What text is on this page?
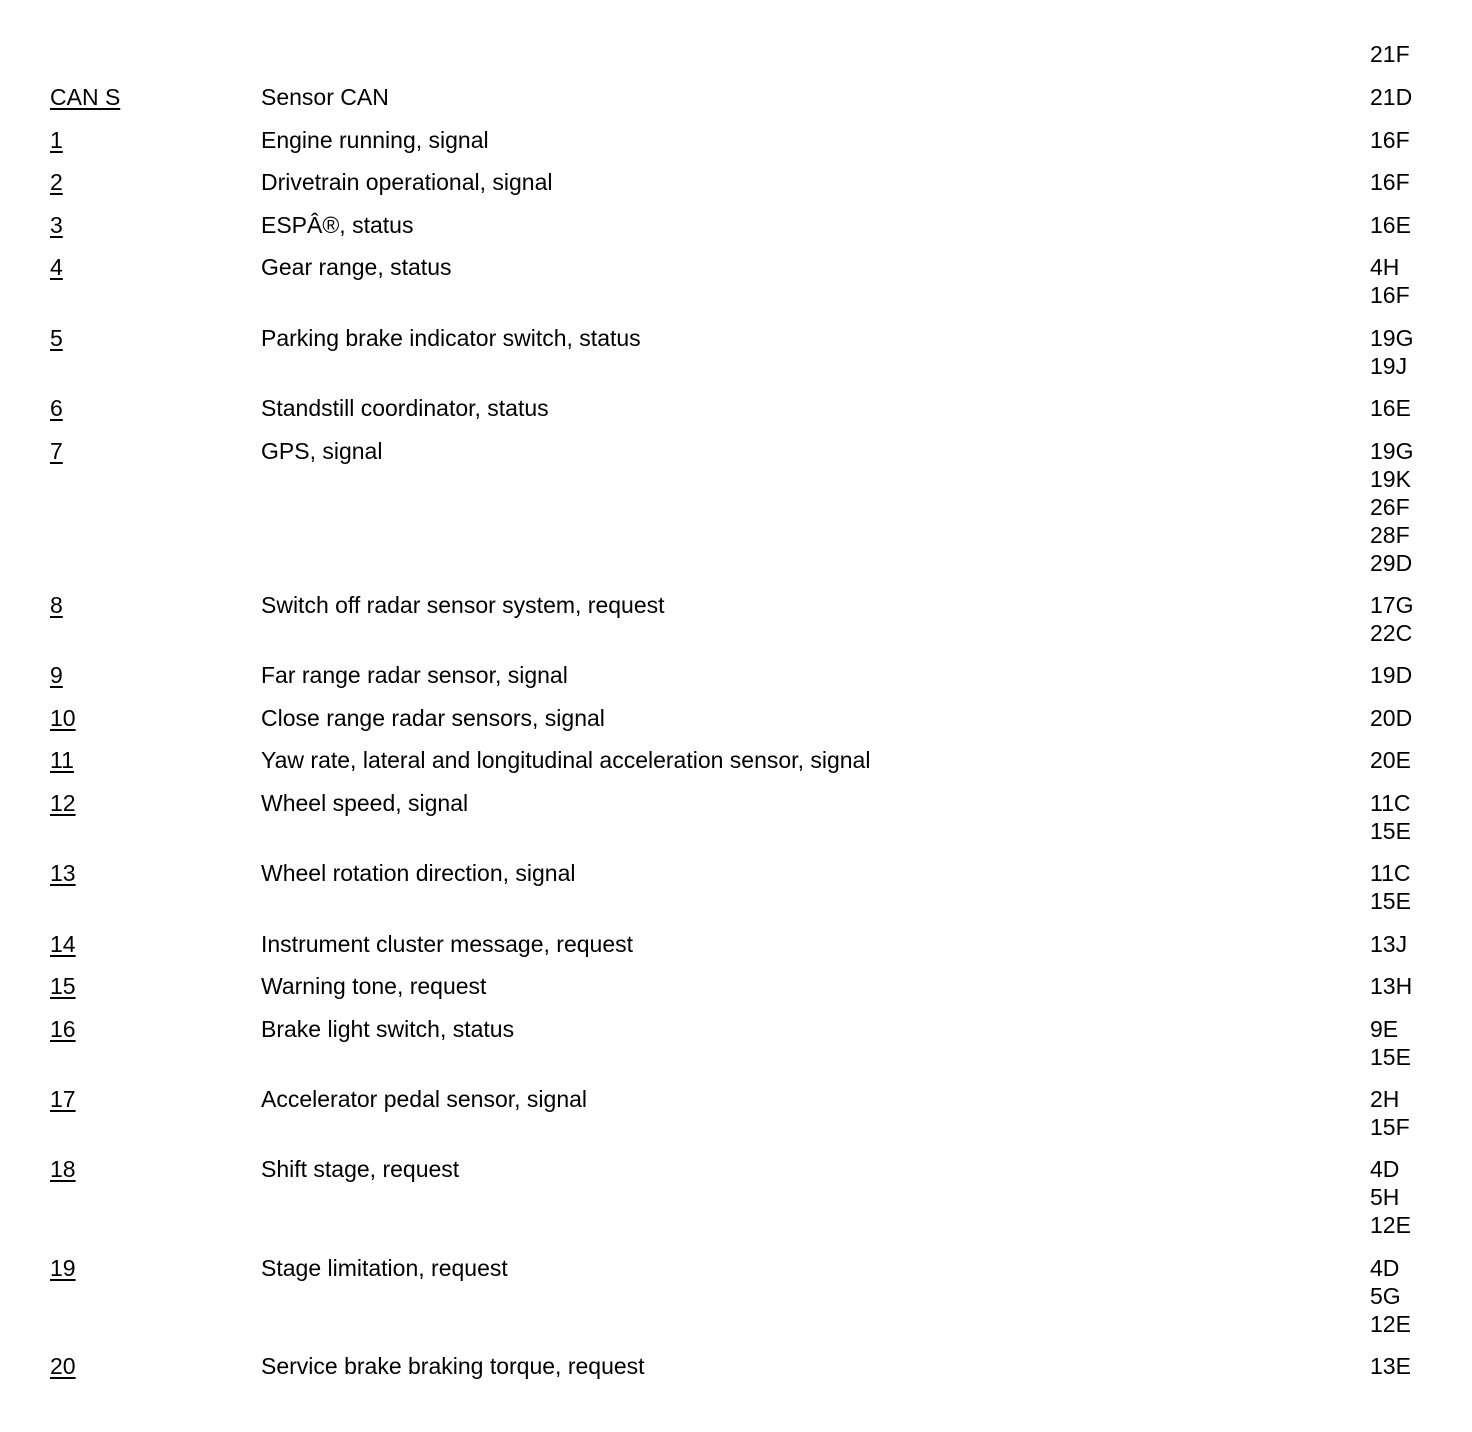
21F
CAN S	Sensor CAN	21D
1	Engine running, signal	16F
2	Drivetrain operational, signal	16F
3	ESPÂ®, status	16E
4	Gear range, status	4H
16F
5	Parking brake indicator switch, status	19G
19J
6	Standstill coordinator, status	16E
7	GPS, signal	19G
19K
26F
28F
29D
8	Switch off radar sensor system, request	17G
22C
9	Far range radar sensor, signal	19D
10	Close range radar sensors, signal	20D
11	Yaw rate, lateral and longitudinal acceleration sensor, signal	20E
12	Wheel speed, signal	11C
15E
13	Wheel rotation direction, signal	11C
15E
14	Instrument cluster message, request	13J
15	Warning tone, request	13H
16	Brake light switch, status	9E
15E
17	Accelerator pedal sensor, signal	2H
15F
18	Shift stage, request	4D
5H
12E
19	Stage limitation, request	4D
5G
12E
20	Service brake braking torque, request	13E
